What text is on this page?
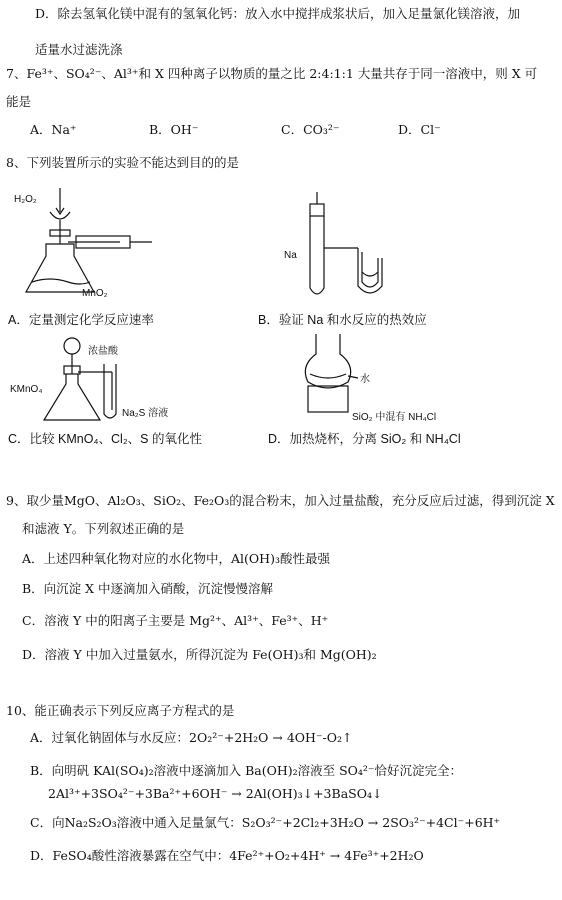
D．除去氢氧化镁中混有的氢氧化钙：放入水中搅拌成浆状后，加入足量氯化镁溶液，加
适量水过滤洗涤
7、Fe³⁺、SO₄²⁻、Al³⁺和 X 四种离子以物质的量之比 2:4:1:1 大量共存于同一溶液中，则 X 可
能是
A．Na⁺	B．OH⁻	C．CO₃²⁻	D．Cl⁻
8、下列装置所示的实验不能达到目的的是
H₂O₂
MnO₂
A．定量测定化学反应速率
Na
B．验证 Na 和水反应的热效应
浓盐酸
KMnO₄
Na₂S 溶液
C．比较 KMnO₄、Cl₂、S 的氧化性
水
SiO₂ 中混有 NH₄Cl
D．加热烧杯，分离 SiO₂ 和 NH₄Cl
9、取少量MgO、Al₂O₃、SiO₂、Fe₂O₃的混合粉末，加入过量盐酸，充分反应后过滤，得到沉淀 X
和滤液 Y。下列叙述正确的是
A．上述四种氧化物对应的水化物中，Al(OH)₃酸性最强
B．向沉淀 X 中逐滴加入硝酸，沉淀慢慢溶解
C．溶液 Y 中的阳离子主要是 Mg²⁺、Al³⁺、Fe³⁺、H⁺
D．溶液 Y 中加入过量氨水，所得沉淀为 Fe(OH)₃和 Mg(OH)₂
10、能正确表示下列反应离子方程式的是
A．过氧化钠固体与水反应：2O₂²⁻+2H₂O → 4OH⁻-O₂↑
B．向明矾 KAl(SO₄)₂溶液中逐滴加入 Ba(OH)₂溶液至 SO₄²⁻恰好沉淀完全：
2Al³⁺+3SO₄²⁻+3Ba²⁺+6OH⁻ → 2Al(OH)₃↓+3BaSO₄↓
C．向Na₂S₂O₃溶液中通入足量氯气：S₂O₃²⁻+2Cl₂+3H₂O → 2SO₃²⁻+4Cl⁻+6H⁺
D．FeSO₄酸性溶液暴露在空气中：4Fe²⁺+O₂+4H⁺ → 4Fe³⁺+2H₂O
